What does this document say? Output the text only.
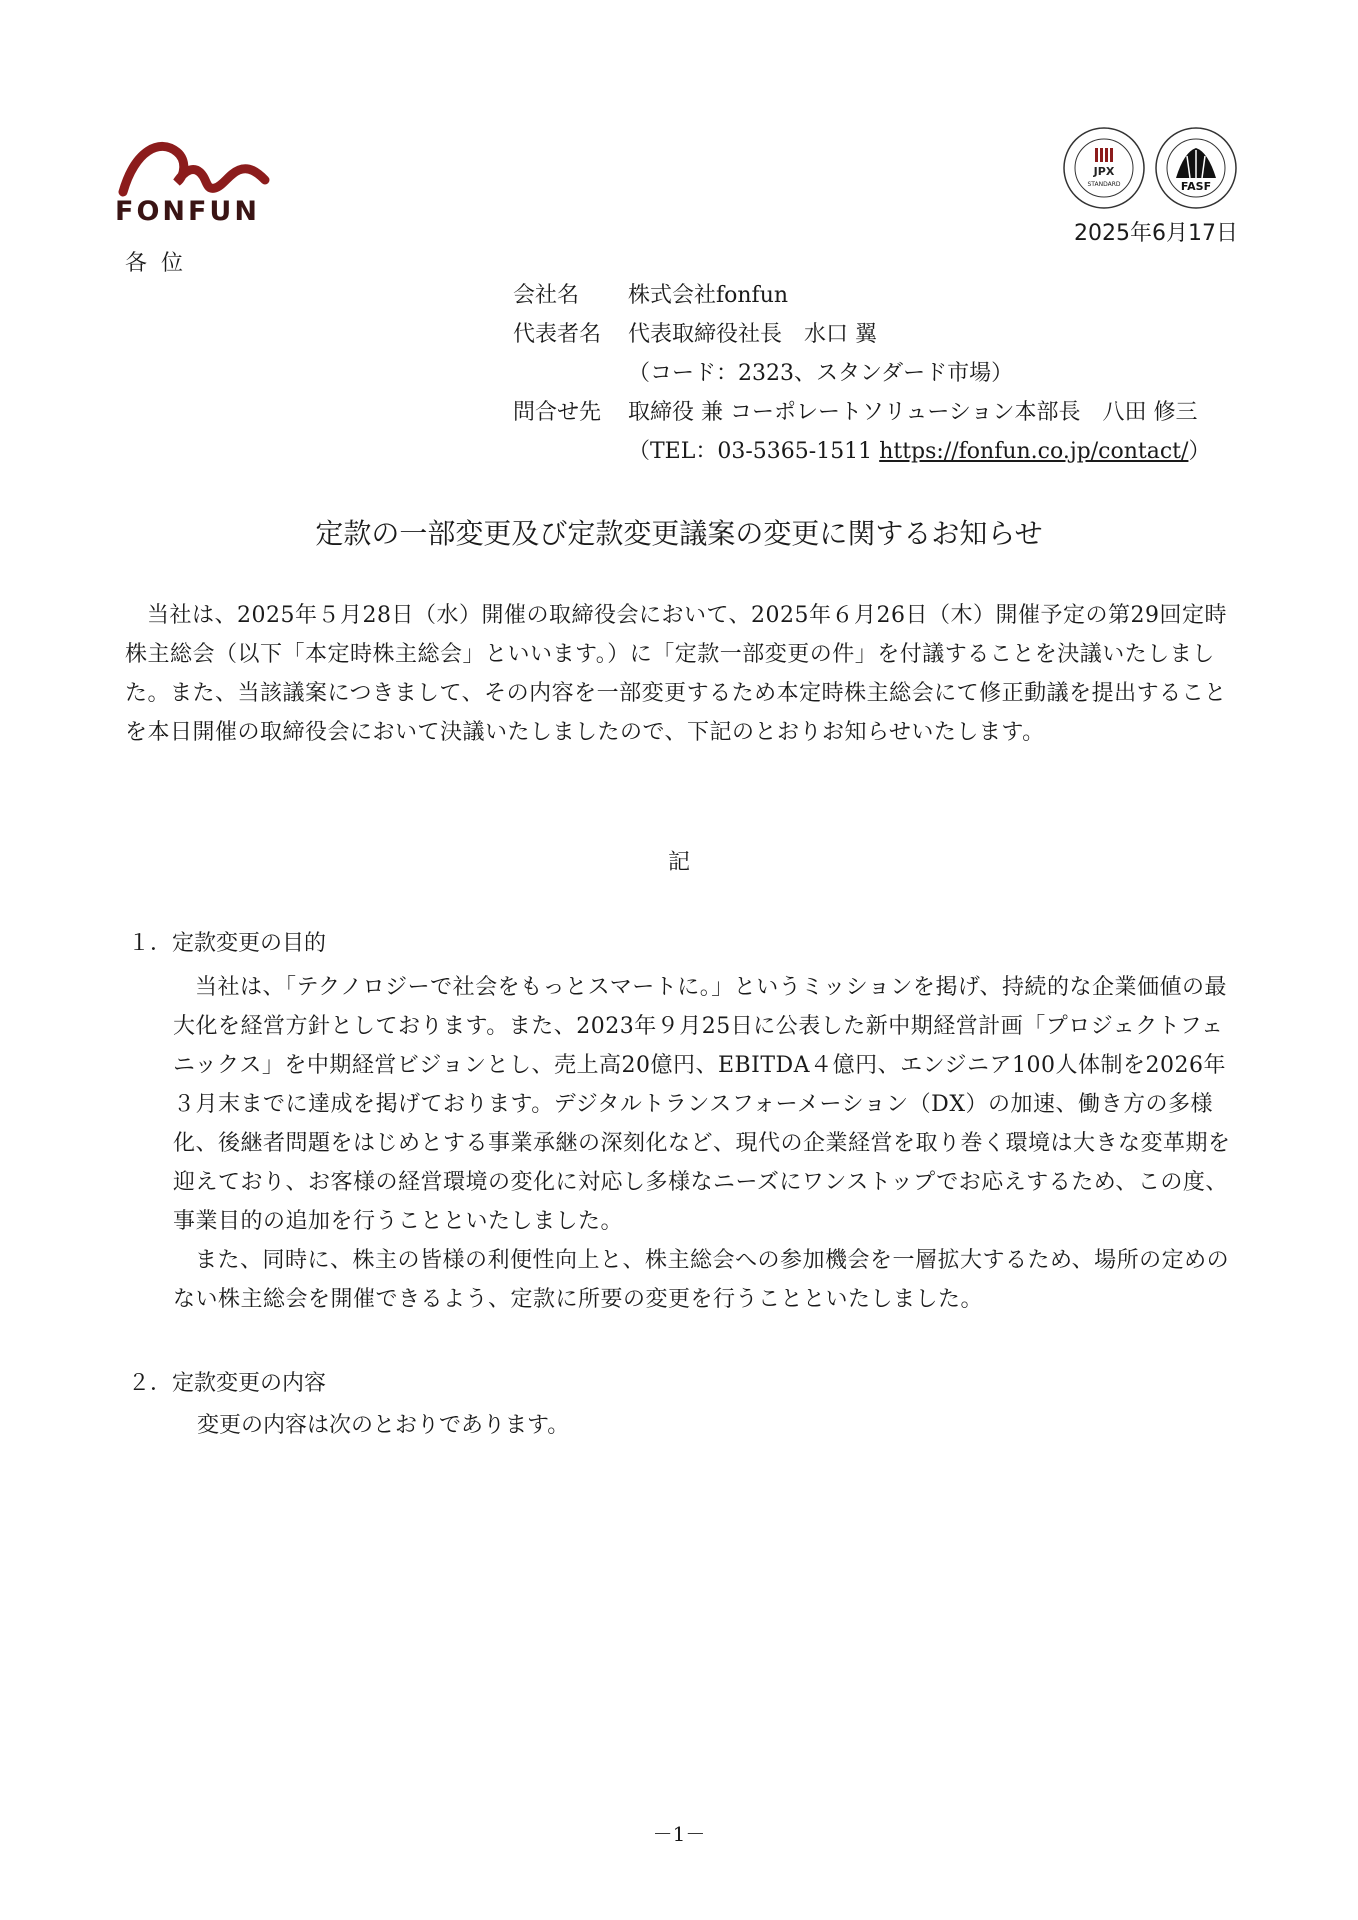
FONFUN
JPX
STANDARD	FASF
2025年6月17日
各位
会社名	株式会社fonfun
代表者名	代表取締役社長　水口 翼
（コード：2323、スタンダード市場）
問合せ先	取締役 兼 コーポレートソリューション本部長　八田 修三
（TEL：03-5365-1511 https://fonfun.co.jp/contact/）
定款の一部変更及び定款変更議案の変更に関するお知らせ
当社は、2025年５月28日（水）開催の取締役会において、2025年６月26日（木）開催予定の第29回定時株主総会（以下「本定時株主総会」といいます。）に「定款一部変更の件」を付議することを決議いたしました。また、当該議案につきまして、その内容を一部変更するため本定時株主総会にて修正動議を提出することを本日開催の取締役会において決議いたしましたので、下記のとおりお知らせいたします。
記
１．定款変更の目的
当社は、「テクノロジーで社会をもっとスマートに。」というミッションを掲げ、持続的な企業価値の最大化を経営方針としております。また、2023年９月25日に公表した新中期経営計画「プロジェクトフェニックス」を中期経営ビジョンとし、売上高20億円、EBITDA４億円、エンジニア100人体制を2026年３月末までに達成を掲げております。デジタルトランスフォーメーション（DX）の加速、働き方の多様化、後継者問題をはじめとする事業承継の深刻化など、現代の企業経営を取り巻く環境は大きな変革期を迎えており、お客様の経営環境の変化に対応し多様なニーズにワンストップでお応えするため、この度、事業目的の追加を行うことといたしました。
また、同時に、株主の皆様の利便性向上と、株主総会への参加機会を一層拡大するため、場所の定めのない株主総会を開催できるよう、定款に所要の変更を行うことといたしました。
２．定款変更の内容
変更の内容は次のとおりであります。
－1－
